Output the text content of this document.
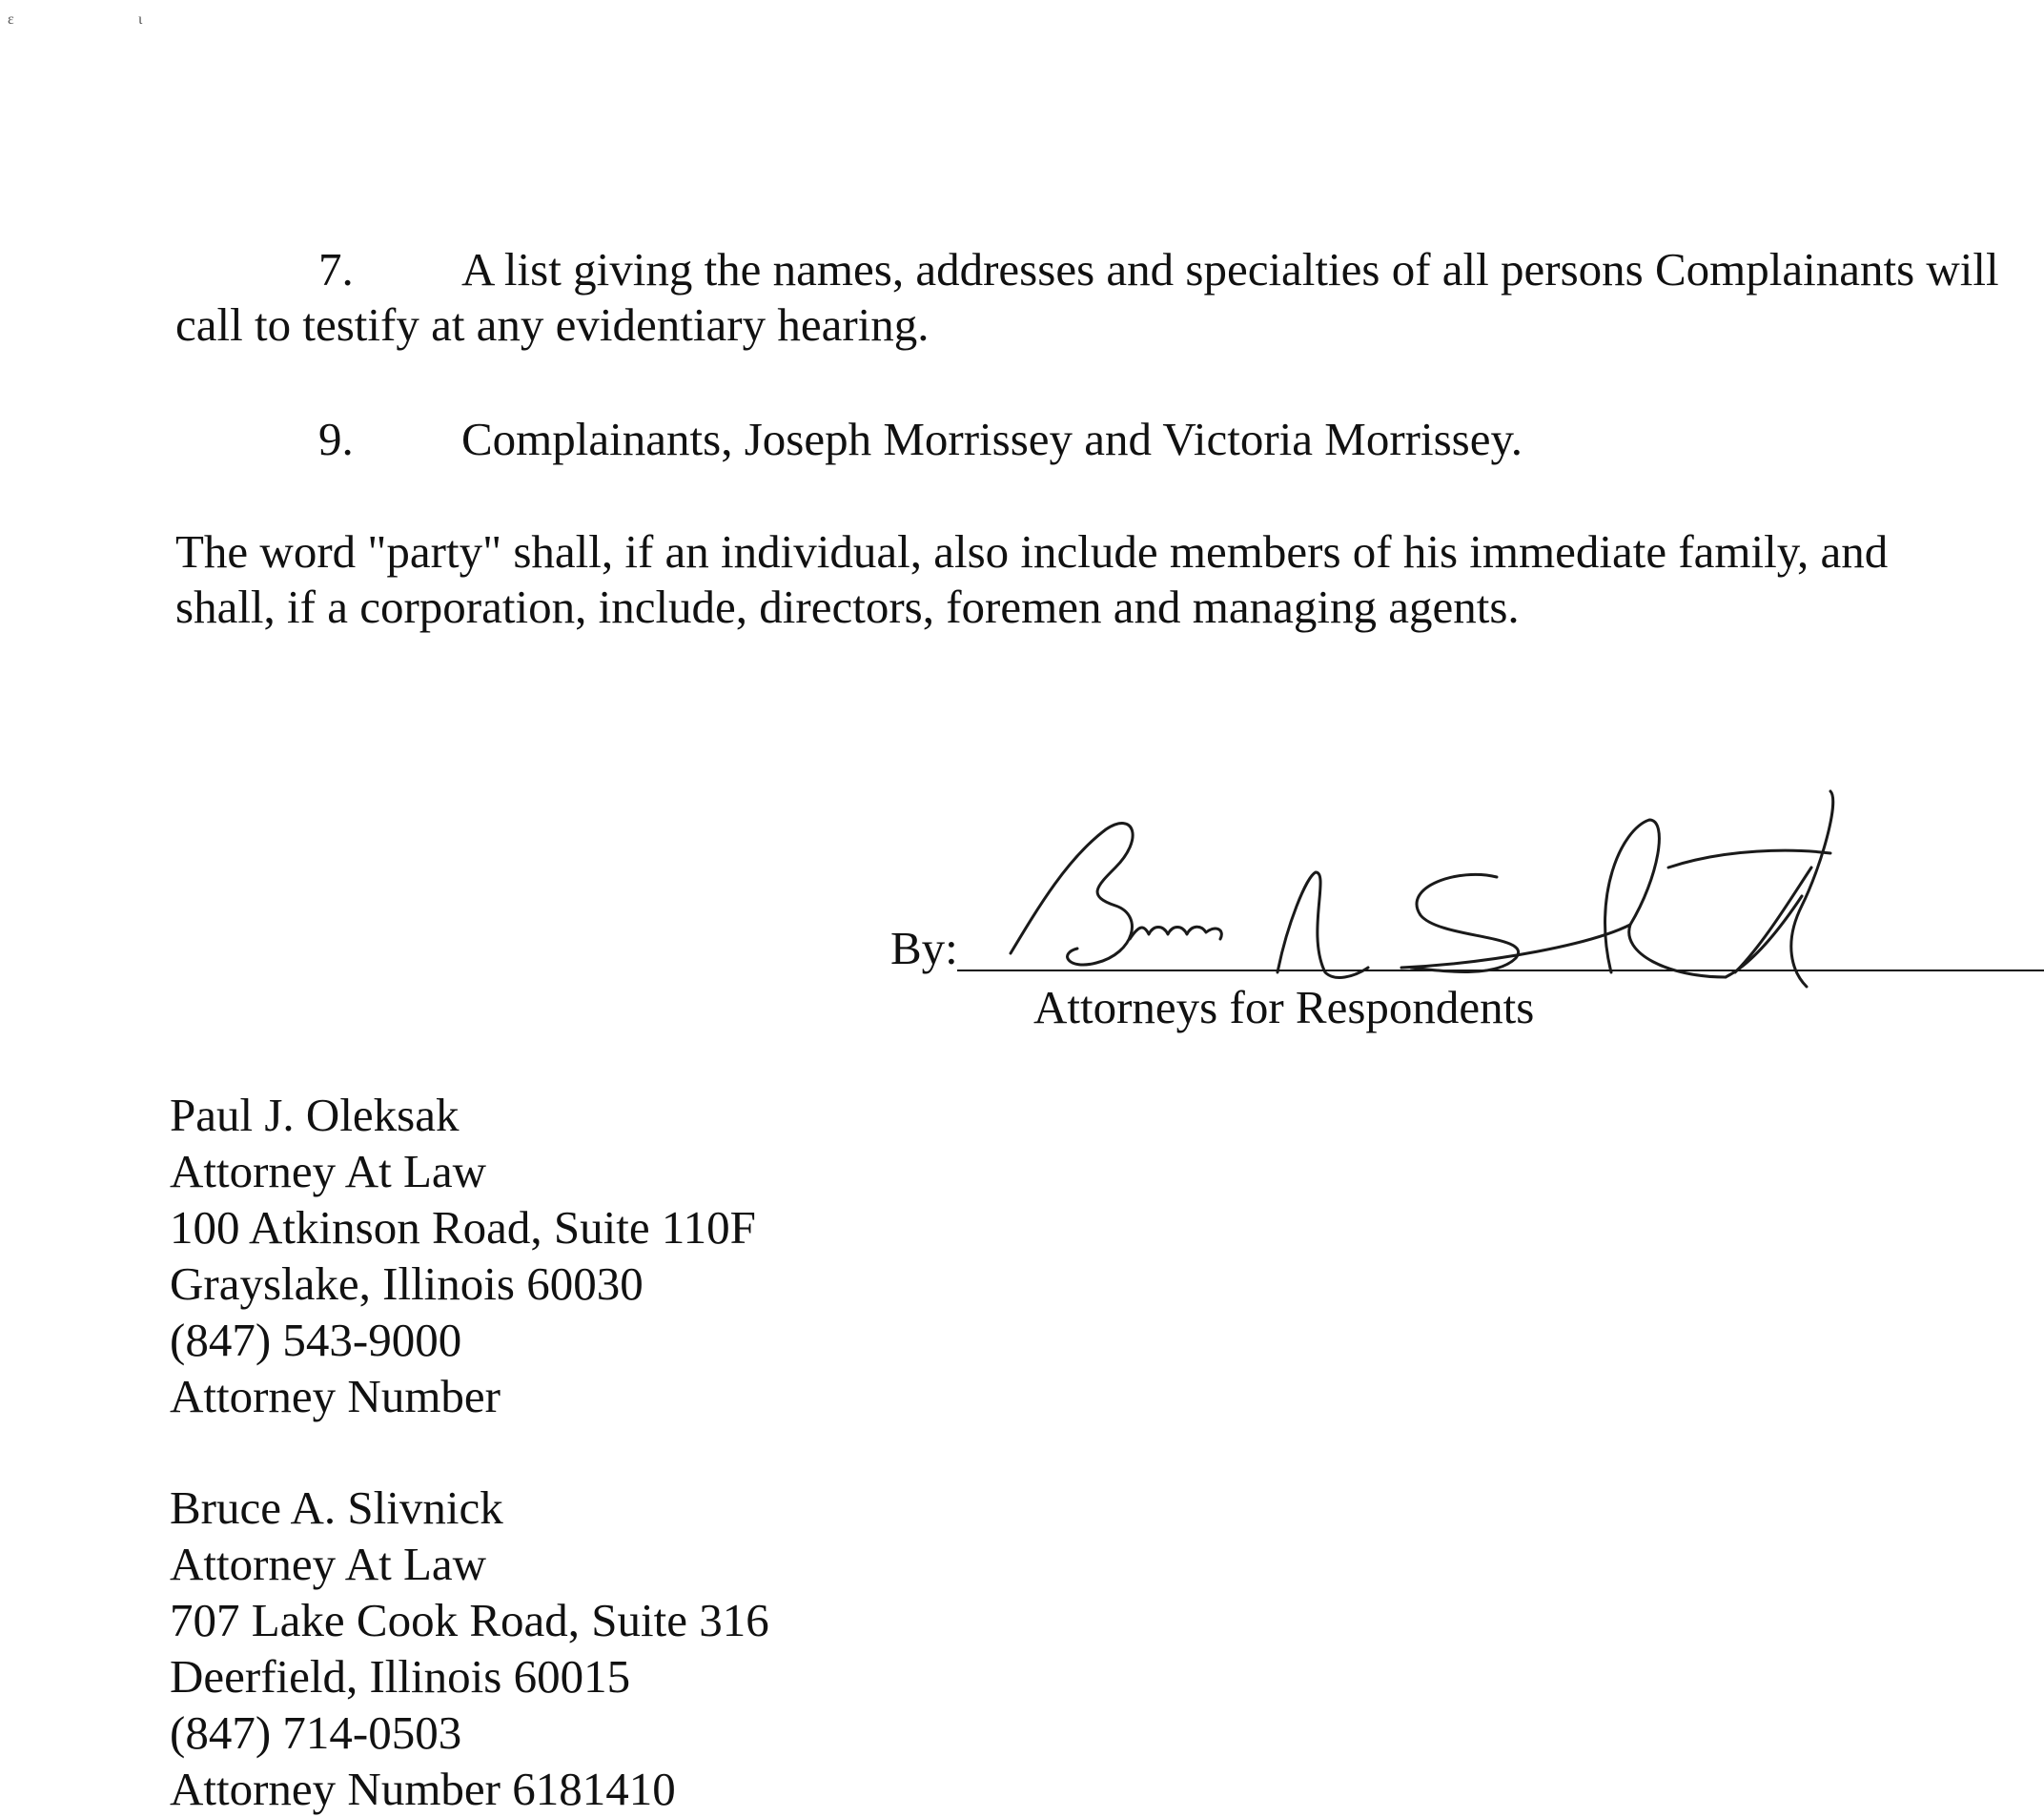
ε	ι
7. A list giving the names, addresses and specialties of all persons Complainants will
call to testify at any evidentiary hearing.
9. Complainants, Joseph Morrissey and Victoria Morrissey.
The word "party" shall, if an individual, also include members of his immediate family, and
shall, if a corporation, include, directors, foremen and managing agents.
By:
Attorneys for Respondents
Paul J. Oleksak
Attorney At Law
100 Atkinson Road, Suite 110F
Grayslake, Illinois 60030
(847) 543-9000
Attorney Number
Bruce A. Slivnick
Attorney At Law
707 Lake Cook Road, Suite 316
Deerfield, Illinois 60015
(847) 714-0503
Attorney Number 6181410
